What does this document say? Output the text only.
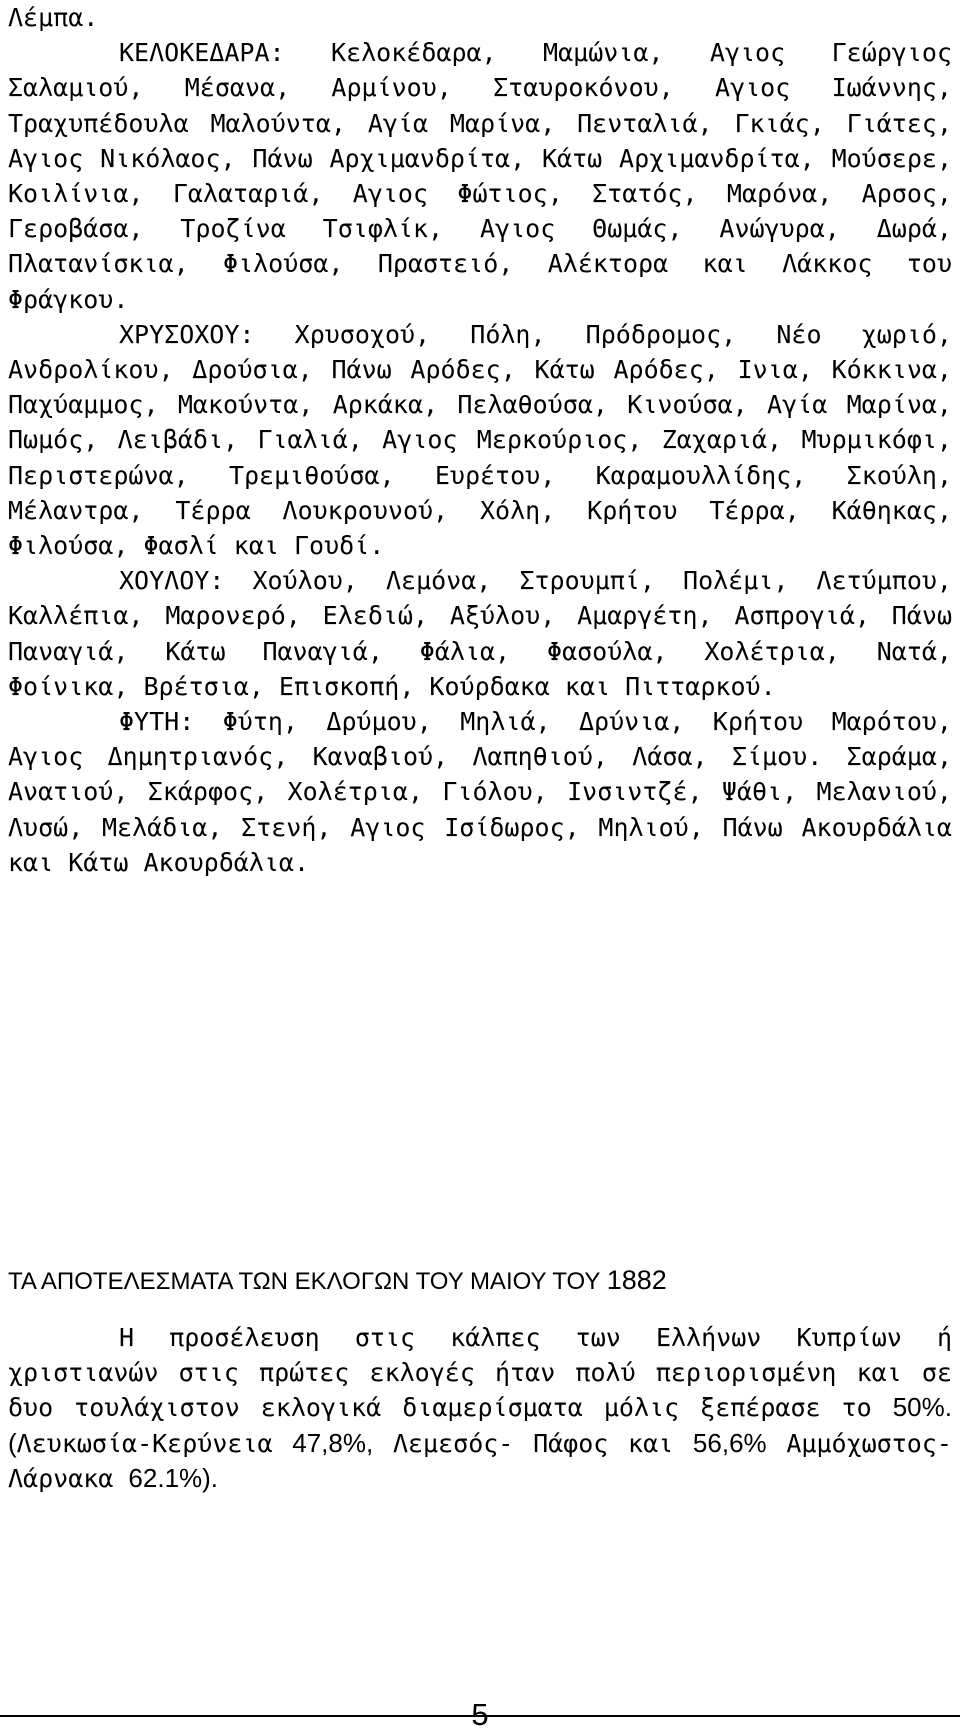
Λέμπα.

ΚΕΛΟΚΕΔΑΡΑ: Κελοκέδαρα, Μαμώνια, Αγιος Γεώργιος Σαλαμιού, Μέσανα, Αρμίνου, Σταυροκόνου, Αγιος Ιωάννης, Τραχυπέδουλα Μαλούντα, Αγία Μαρίνα, Πενταλιά, Γκιάς, Γιάτες, Αγιος Νικόλαος, Πάνω Αρχιμανδρίτα, Κάτω Αρχιμανδρίτα, Μούσερε, Κοιλίνια, Γαλαταριά, Αγιος Φώτιος, Στατός, Μαρόνα, Αρσος, Γεροβάσα, Τροζίνα Τσιφλίκ, Αγιος Θωμάς, Ανώγυρα, Δωρά, Πλατανίσκια, Φιλούσα, Πραστειό, Αλέκτορα και Λάκκος του Φράγκου.

ΧΡΥΣΟΧΟΥ: Χρυσοχού, Πόλη, Πρόδρομος, Νέο χωριό, Ανδρολίκου, Δρούσια, Πάνω Αρόδες, Κάτω Αρόδες, Ινια, Κόκκινα, Παχύαμμος, Μακούντα, Αρκάκα, Πελαθούσα, Κινούσα, Αγία Μαρίνα, Πωμός, Λειβάδι, Γιαλιά, Αγιος Μερκούριος, Ζαχαριά, Μυρμικόφι, Περιστερώνα, Τρεμιθούσα, Ευρέτου, Καραμουλλίδης, Σκούλη, Μέλαντρα, Τέρρα Λουκρουνού, Χόλη, Κρήτου Τέρρα, Κάθηκας, Φιλούσα, Φασλί και Γουδί.

ΧΟΥΛΟΥ: Χούλου, Λεμόνα, Στρουμπί, Πολέμι, Λετύμπου, Καλλέπια, Μαρονερό, Ελεδιώ, Αξύλου, Αμαργέτη, Ασπρογιά, Πάνω Παναγιά, Κάτω Παναγιά, Φάλια, Φασούλα, Χολέτρια, Νατά, Φοίνικα, Βρέτσια, Επισκοπή, Κούρδακα και Πιτταρκού.

ΦΥΤΗ: Φύτη, Δρύμου, Μηλιά, Δρύνια, Κρήτου Μαρότου, Αγιος Δημητριανός, Καναβιού, Λαπηθιού, Λάσα, Σίμου. Σαράμα, Ανατιού, Σκάρφος, Χολέτρια, Γιόλου, Ινσιντζέ, Ψάθι, Μελανιού, Λυσώ, Μελάδια, Στενή, Αγιος Ισίδωρος, Μηλιού, Πάνω Ακουρδάλια και Κάτω Ακουρδάλια.

ΤΑ ΑΠΟΤΕΛΕΣΜΑΤΑ ΤΩΝ ΕΚΛΟΓΩΝ ΤΟΥ ΜΑΙΟΥ ΤΟΥ 1882

Η προσέλευση στις κάλπες των Ελλήνων Κυπρίων ή χριστιανών στις πρώτες εκλογές ήταν πολύ περιορισμένη και σε δυο τουλάχιστον εκλογικά διαμερίσματα μόλις ξεπέρασε το 50%. (Λευκωσία-Κερύνεια 47,8%, Λεμεσός- Πάφος και 56,6% Αμμόχωστος-Λάρνακα 62.1%).

5
